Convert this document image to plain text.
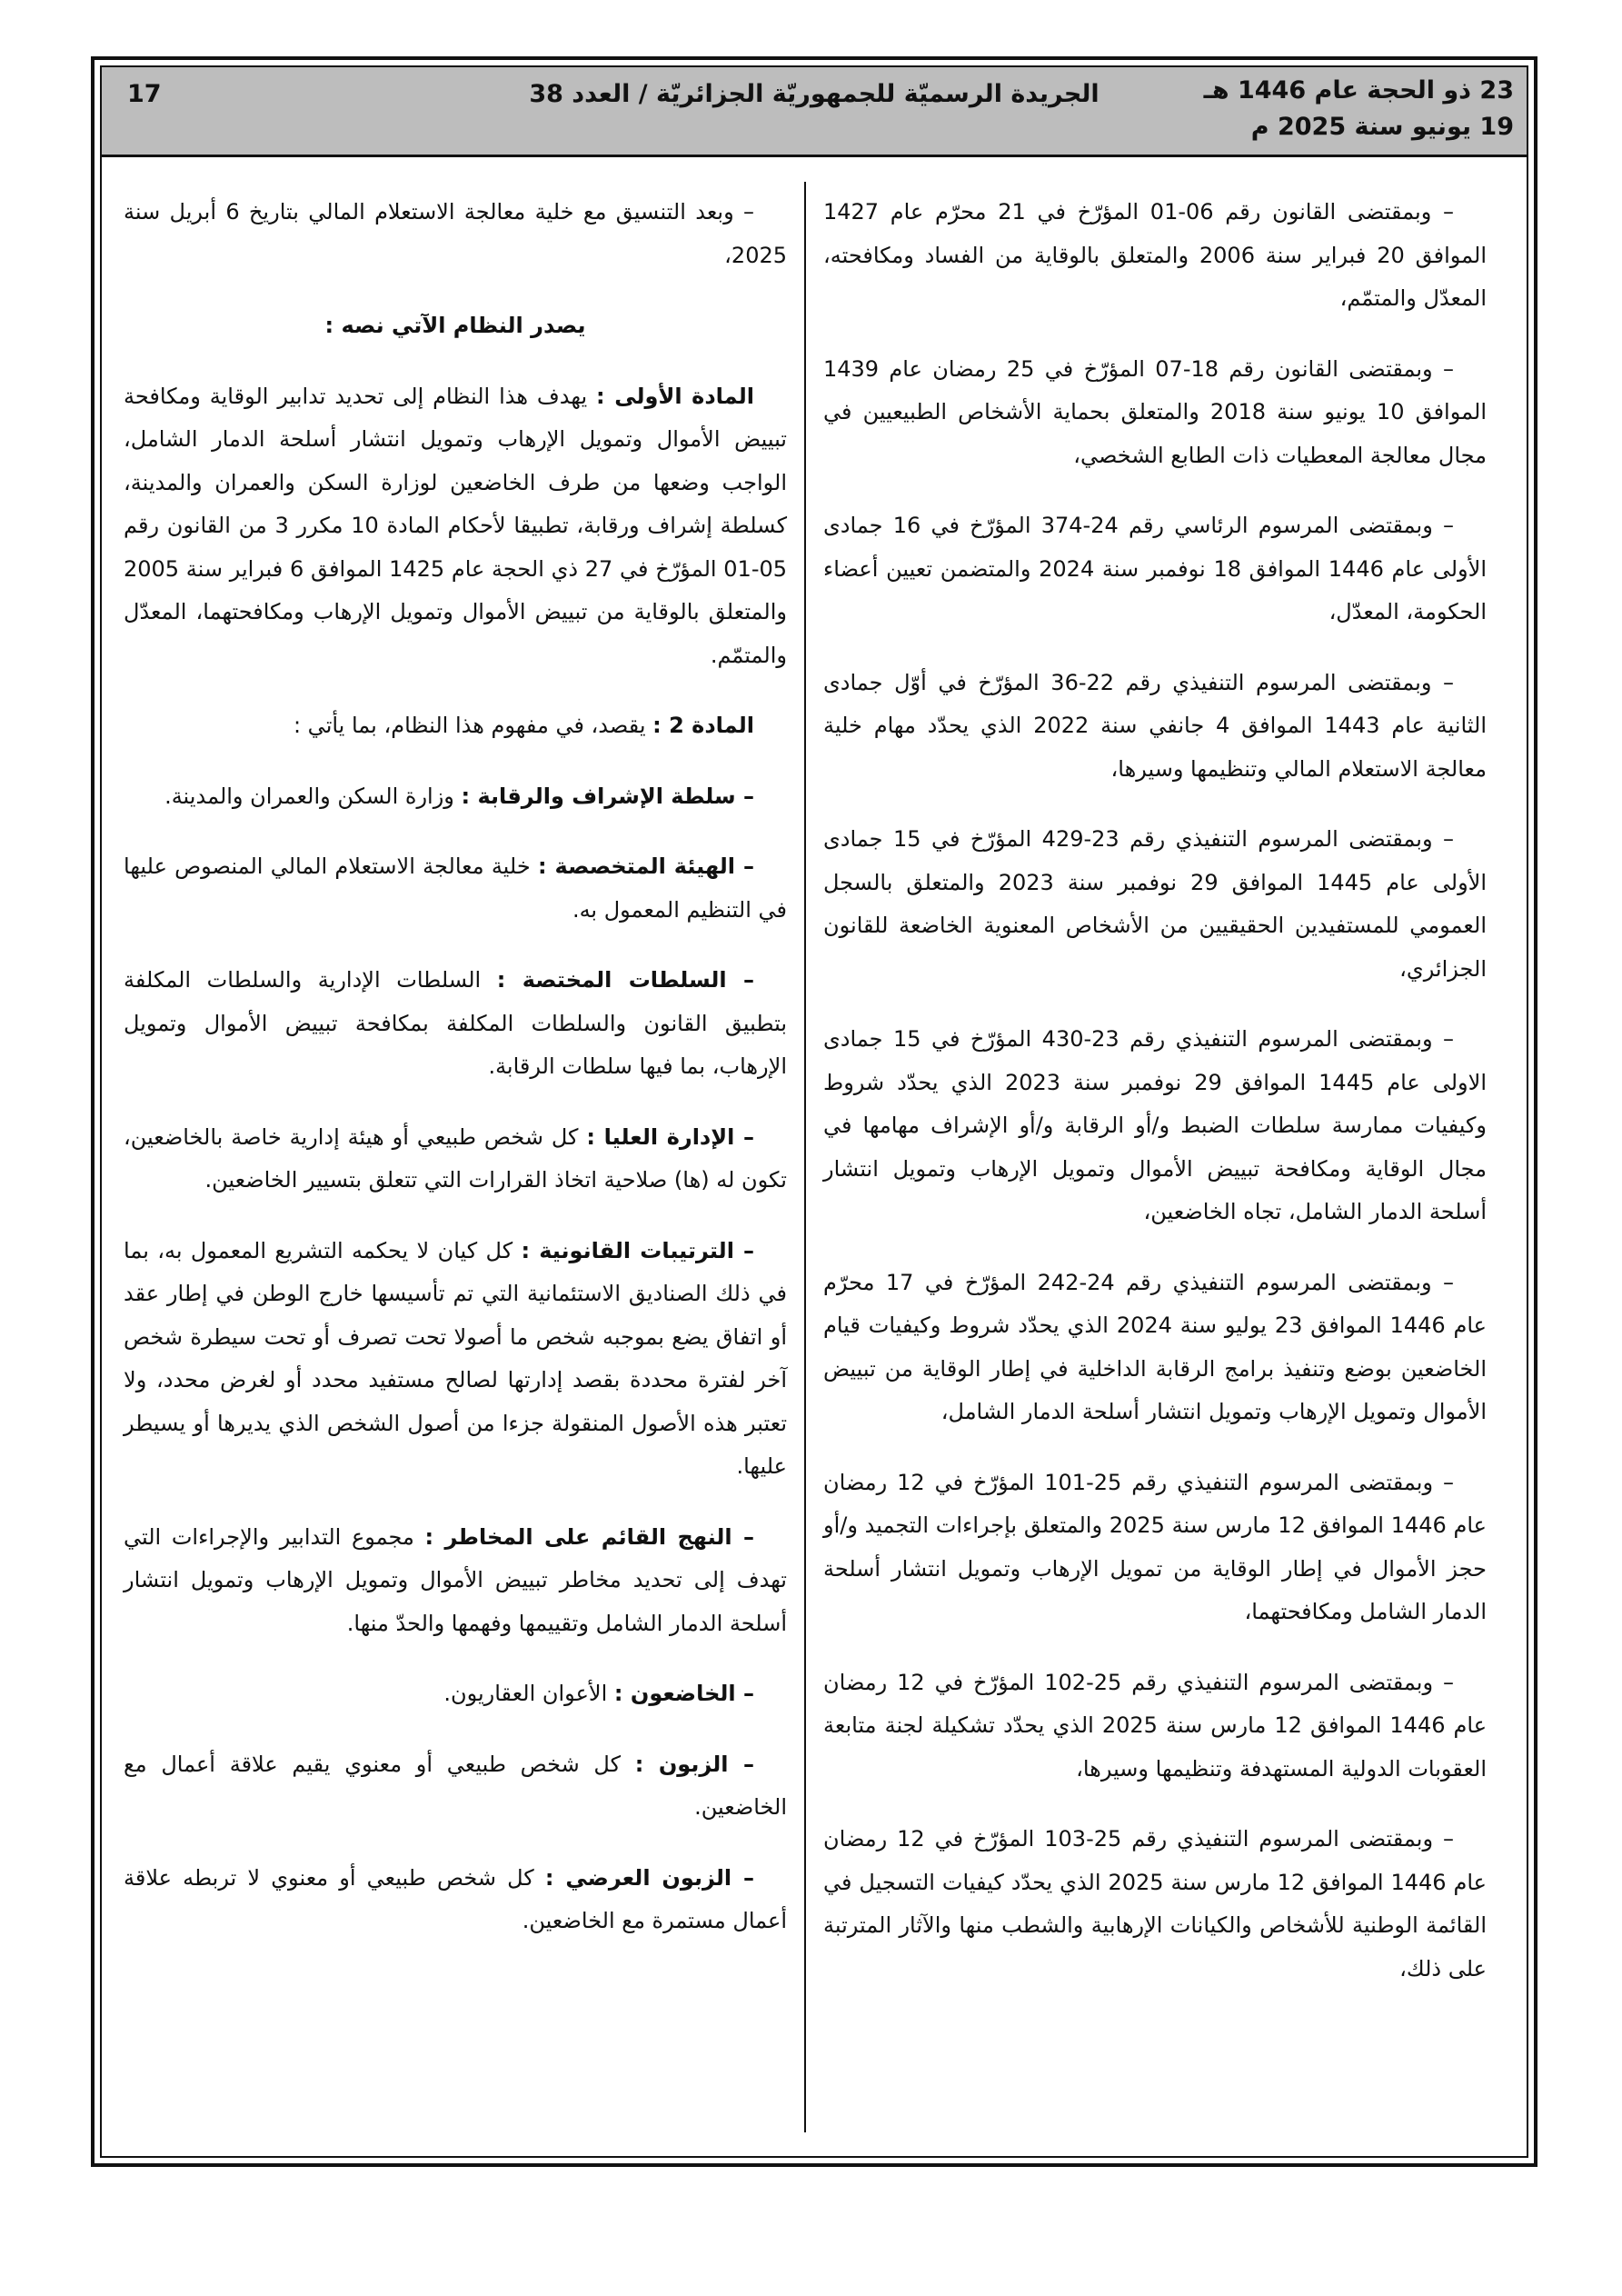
23 ذو الحجة عام 1446 هـ
19 يونيو سنة 2025 م
الجريدة الرسميّة للجمهوريّة الجزائريّة / العدد 38
17

– وبمقتضى القانون رقم 06-01 المؤرّخ في 21 محرّم عام 1427 الموافق 20 فبراير سنة 2006 والمتعلق بالوقاية من الفساد ومكافحته، المعدّل والمتمّم،

– وبمقتضى القانون رقم 18-07 المؤرّخ في 25 رمضان عام 1439 الموافق 10 يونيو سنة 2018 والمتعلق بحماية الأشخاص الطبيعيين في مجال معالجة المعطيات ذات الطابع الشخصي،

– وبمقتضى المرسوم الرئاسي رقم 24-374 المؤرّخ في 16 جمادى الأولى عام 1446 الموافق 18 نوفمبر سنة 2024 والمتضمن تعيين أعضاء الحكومة، المعدّل،

– وبمقتضى المرسوم التنفيذي رقم 22-36 المؤرّخ في أوّل جمادى الثانية عام 1443 الموافق 4 جانفي سنة 2022 الذي يحدّد مهام خلية معالجة الاستعلام المالي وتنظيمها وسيرها،

– وبمقتضى المرسوم التنفيذي رقم 23-429 المؤرّخ في 15 جمادى الأولى عام 1445 الموافق 29 نوفمبر سنة 2023 والمتعلق بالسجل العمومي للمستفيدين الحقيقيين من الأشخاص المعنوية الخاضعة للقانون الجزائري،

– وبمقتضى المرسوم التنفيذي رقم 23-430 المؤرّخ في 15 جمادى الاولى عام 1445 الموافق 29 نوفمبر سنة 2023 الذي يحدّد شروط وكيفيات ممارسة سلطات الضبط و/أو الرقابة و/أو الإشراف مهامها في مجال الوقاية ومكافحة تبييض الأموال وتمويل الإرهاب وتمويل انتشار أسلحة الدمار الشامل، تجاه الخاضعين،

– وبمقتضى المرسوم التنفيذي رقم 24-242 المؤرّخ في 17 محرّم عام 1446 الموافق 23 يوليو سنة 2024 الذي يحدّد شروط وكيفيات قيام الخاضعين بوضع وتنفيذ برامج الرقابة الداخلية في إطار الوقاية من تبييض الأموال وتمويل الإرهاب وتمويل انتشار أسلحة الدمار الشامل،

– وبمقتضى المرسوم التنفيذي رقم 25-101 المؤرّخ في 12 رمضان عام 1446 الموافق 12 مارس سنة 2025 والمتعلق بإجراءات التجميد و/أو حجز الأموال في إطار الوقاية من تمويل الإرهاب وتمويل انتشار أسلحة الدمار الشامل ومكافحتهما،

– وبمقتضى المرسوم التنفيذي رقم 25-102 المؤرّخ في 12 رمضان عام 1446 الموافق 12 مارس سنة 2025 الذي يحدّد تشكيلة لجنة متابعة العقوبات الدولية المستهدفة وتنظيمها وسيرها،

– وبمقتضى المرسوم التنفيذي رقم 25-103 المؤرّخ في 12 رمضان عام 1446 الموافق 12 مارس سنة 2025 الذي يحدّد كيفيات التسجيل في القائمة الوطنية للأشخاص والكيانات الإرهابية والشطب منها والآثار المترتبة على ذلك،

– وبعد التنسيق مع خلية معالجة الاستعلام المالي بتاريخ 6 أبريل سنة 2025،

يصدر النظام الآتي نصه :

المادة الأولى : يهدف هذا النظام إلى تحديد تدابير الوقاية ومكافحة تبييض الأموال وتمويل الإرهاب وتمويل انتشار أسلحة الدمار الشامل، الواجب وضعها من طرف الخاضعين لوزارة السكن والعمران والمدينة، كسلطة إشراف ورقابة، تطبيقا لأحكام المادة 10 مكرر 3 من القانون رقم 05-01 المؤرّخ في 27 ذي الحجة عام 1425 الموافق 6 فبراير سنة 2005 والمتعلق بالوقاية من تبييض الأموال وتمويل الإرهاب ومكافحتهما، المعدّل والمتمّم.

المادة 2 : يقصد، في مفهوم هذا النظام، بما يأتي :

– سلطة الإشراف والرقابة : وزارة السكن والعمران والمدينة.

– الهيئة المتخصصة : خلية معالجة الاستعلام المالي المنصوص عليها في التنظيم المعمول به.

– السلطات المختصة : السلطات الإدارية والسلطات المكلفة بتطبيق القانون والسلطات المكلفة بمكافحة تبييض الأموال وتمويل الإرهاب، بما فيها سلطات الرقابة.

– الإدارة العليا : كل شخص طبيعي أو هيئة إدارية خاصة بالخاضعين، تكون له (ها) صلاحية اتخاذ القرارات التي تتعلق بتسيير الخاضعين.

– الترتيبات القانونية : كل كيان لا يحكمه التشريع المعمول به، بما في ذلك الصناديق الاستئمانية التي تم تأسيسها خارج الوطن في إطار عقد أو اتفاق يضع بموجبه شخص ما أصولا تحت تصرف أو تحت سيطرة شخص آخر لفترة محددة بقصد إدارتها لصالح مستفيد محدد أو لغرض محدد، ولا تعتبر هذه الأصول المنقولة جزءا من أصول الشخص الذي يديرها أو يسيطر عليها.

– النهج القائم على المخاطر : مجموع التدابير والإجراءات التي تهدف إلى تحديد مخاطر تبييض الأموال وتمويل الإرهاب وتمويل انتشار أسلحة الدمار الشامل وتقييمها وفهمها والحدّ منها.

– الخاضعون : الأعوان العقاريون.

– الزبون : كل شخص طبيعي أو معنوي يقيم علاقة أعمال مع الخاضعين.

– الزبون العرضي : كل شخص طبيعي أو معنوي لا تربطه علاقة أعمال مستمرة مع الخاضعين.
